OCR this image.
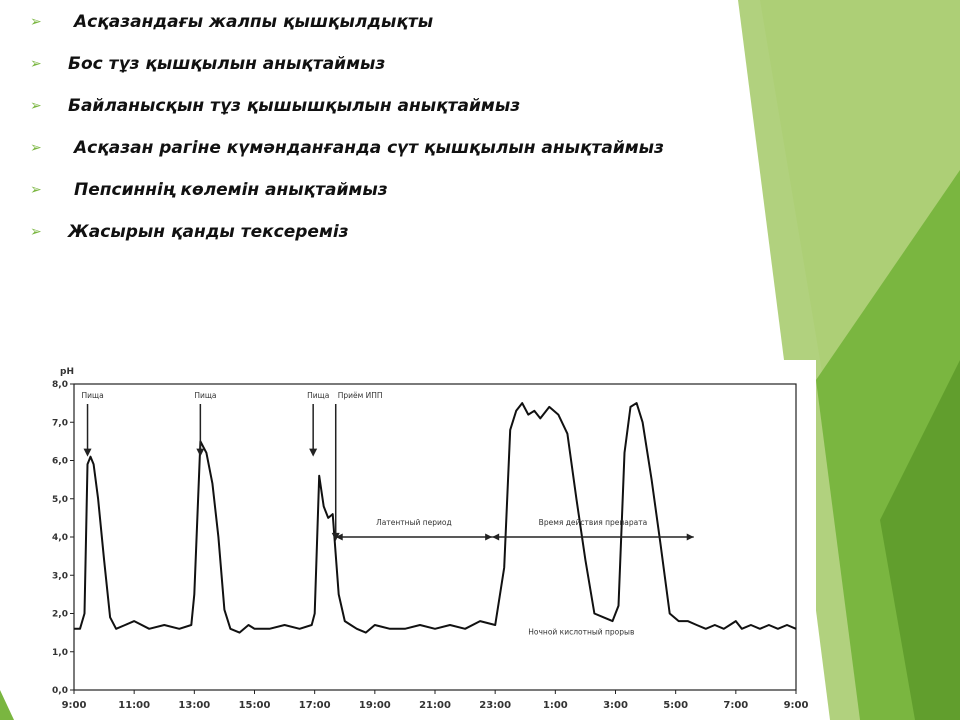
➢	Асқазандағы жалпы қышқылдықты
➢	Бос тұз қышқылын анықтаймыз
➢	Байланысқын тұз қышышқылын анықтаймыз
➢	Асқазан рагіне күмәнданғанда сүт қышқылын анықтаймыз
➢	Пепсиннің көлемін анықтаймыз
➢	Жасырын қанды тексереміз
pH
0,0
1,0
2,0
3,0
4,0
5,0
6,0
7,0
8,0
9:00	11:00	13:00	15:00	17:00	19:00	21:00	23:00	1:00	3:00	5:00	7:00	9:00
Пища	Пища	Пища Приём ИПП
Латентный период	Время действия препарата
Ночной кислотный прорыв
